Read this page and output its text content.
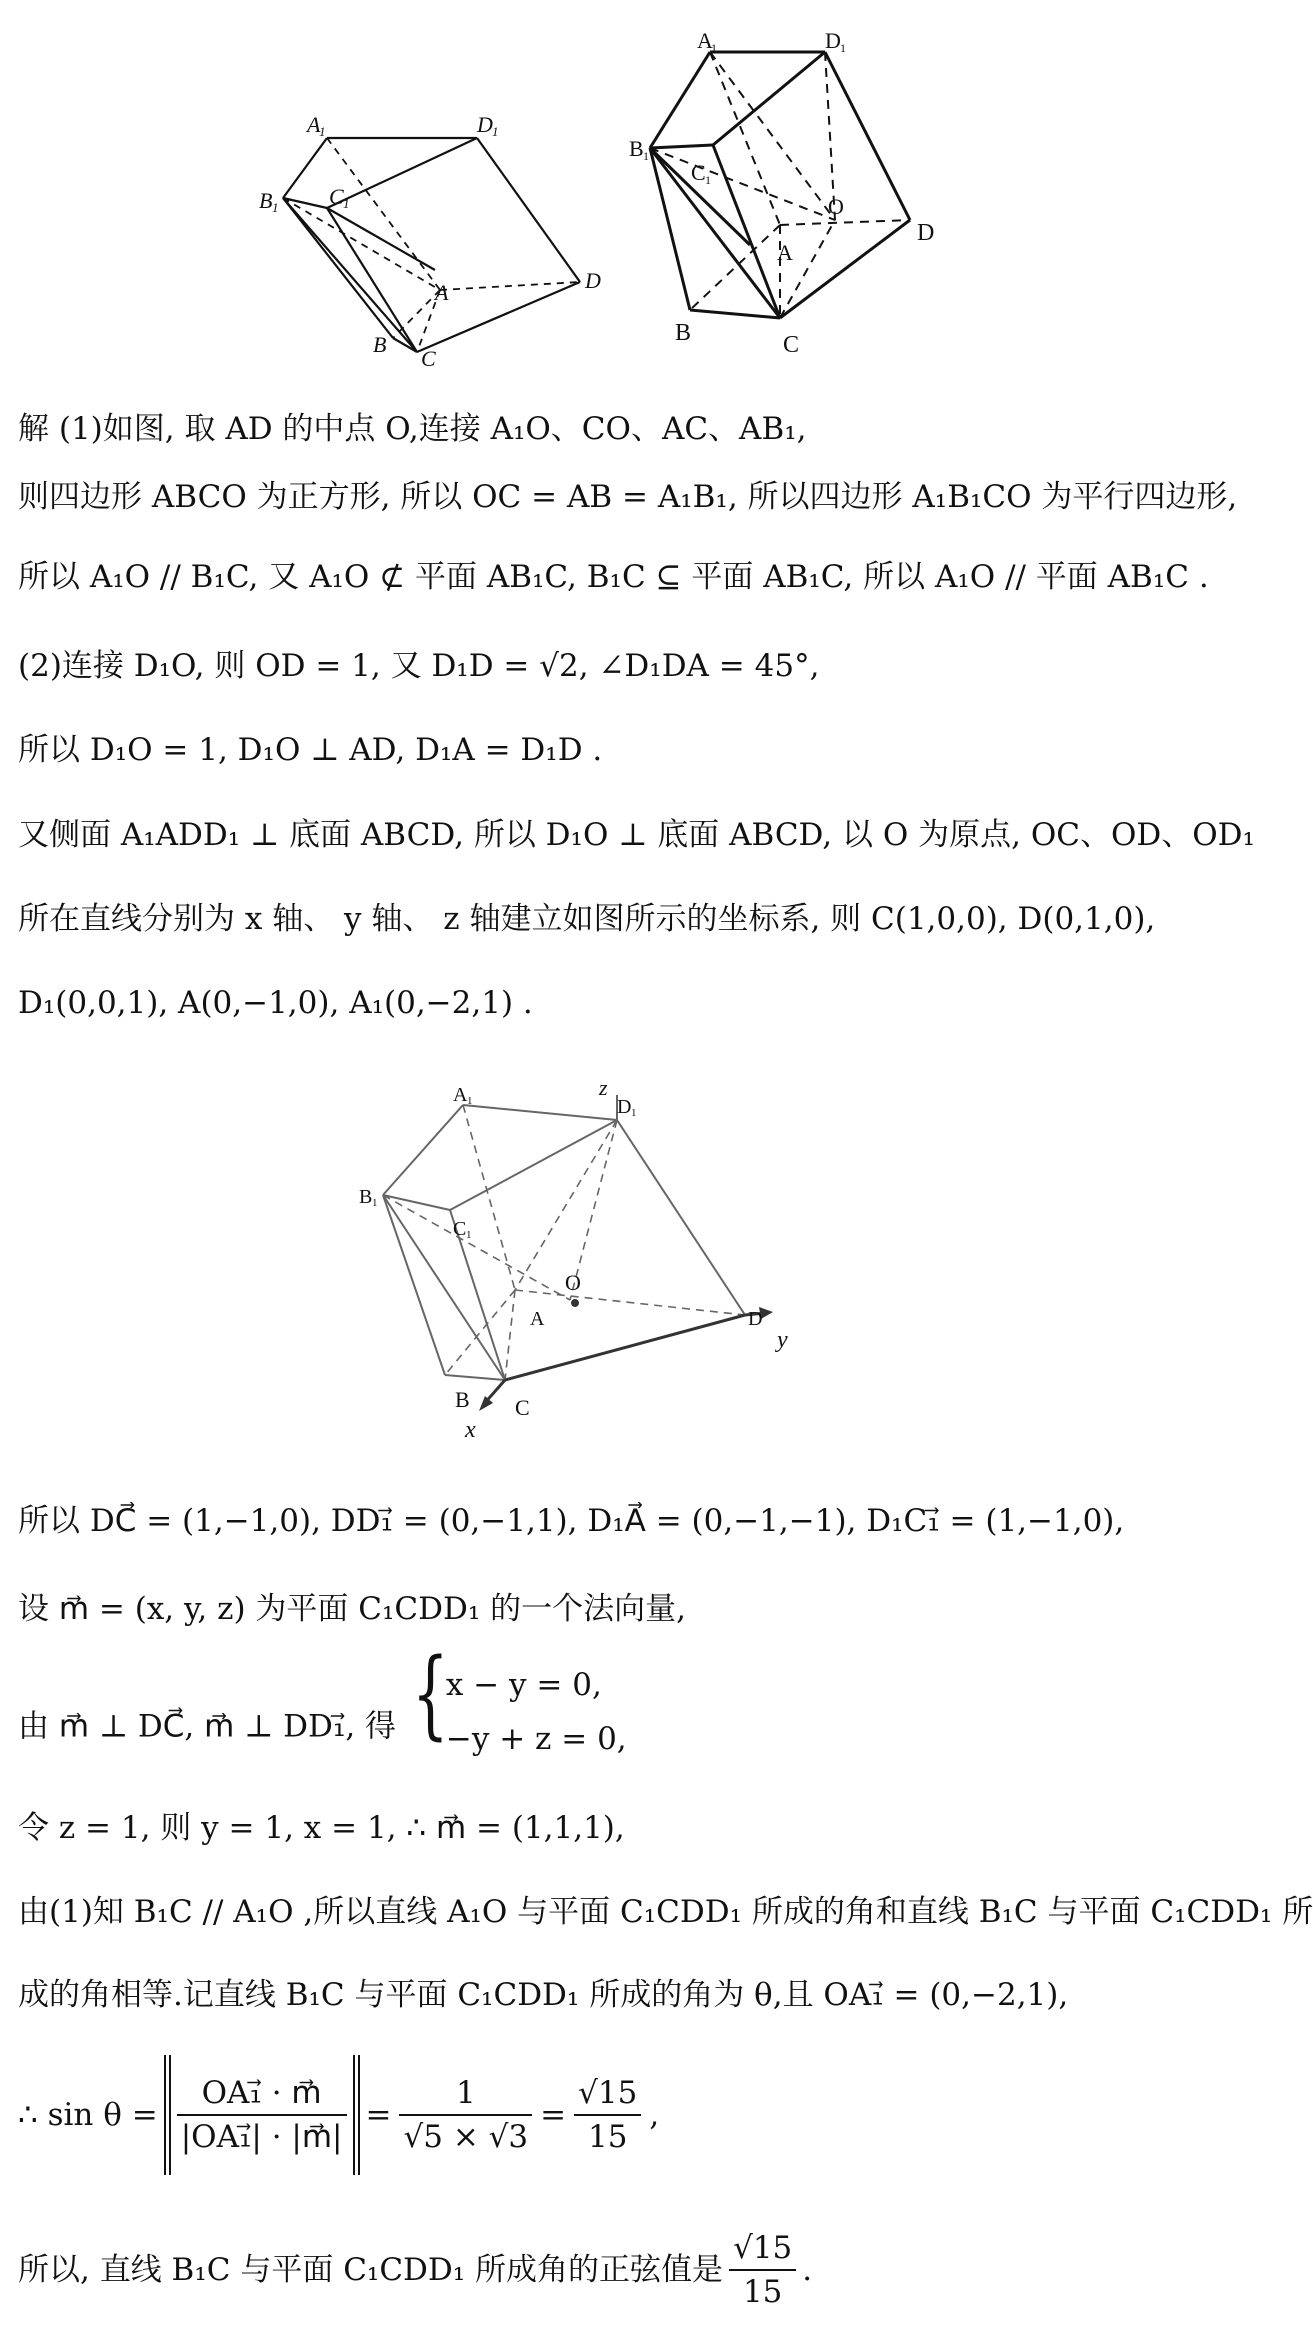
A
1	D 1
B 1 C 1
A	D
B
C
A
1	D 1
B 1
C 1
O
A
D
B	C
解 (1)如图, 取 AD 的中点 O,连接 A₁O、CO、AC、AB₁,
则四边形 ABCO 为正方形, 所以 OC = AB = A₁B₁, 所以四边形 A₁B₁CO 为平行四边形,
所以 A₁O // B₁C, 又 A₁O ⊄ 平面 AB₁C, B₁C ⊆ 平面 AB₁C, 所以 A₁O // 平面 AB₁C .
(2)连接 D₁O, 则 OD = 1, 又 D₁D = √2, ∠D₁DA = 45°,
所以 D₁O = 1, D₁O ⊥ AD, D₁A = D₁D .
又侧面 A₁ADD₁ ⊥ 底面 ABCD, 所以 D₁O ⊥ 底面 ABCD, 以 O 为原点, OC、OD、OD₁
所在直线分别为 x 轴、 y 轴、 z 轴建立如图所示的坐标系, 则 C(1,0,0), D(0,1,0),
D₁(0,0,1), A(0,−1,0), A₁(0,−2,1) .
A 1
z
D 1
B 1
C 1
O
A	D
y
B C
x
所以 DC⃗ = (1,−1,0), DD₁⃗ = (0,−1,1), D₁A⃗ = (0,−1,−1), D₁C₁⃗ = (1,−1,0),
设 m⃗ = (x, y, z) 为平面 C₁CDD₁ 的一个法向量,
由 m⃗ ⊥ DC⃗, m⃗ ⊥ DD₁⃗, 得 {
x − y = 0,
−y + z = 0,
令 z = 1, 则 y = 1, x = 1, ∴ m⃗ = (1,1,1),
由(1)知 B₁C // A₁O ,所以直线 A₁O 与平面 C₁CDD₁ 所成的角和直线 B₁C 与平面 C₁CDD₁ 所
成的角相等.记直线 B₁C 与平面 C₁CDD₁ 所成的角为 θ,且 OA₁⃗ = (0,−2,1),
∴ $\sin \theta = \frac{\text{OA₁⃗ · m⃗}}{\text{|OA₁⃗| · |m⃗|}} = \frac{1}{√5 \times √3} = \frac{√15}{15}$ ,
所以, 直线 B₁C 与平面 C₁CDD₁ 所成角的正弦值是 $\frac{√15}{15}$ .
